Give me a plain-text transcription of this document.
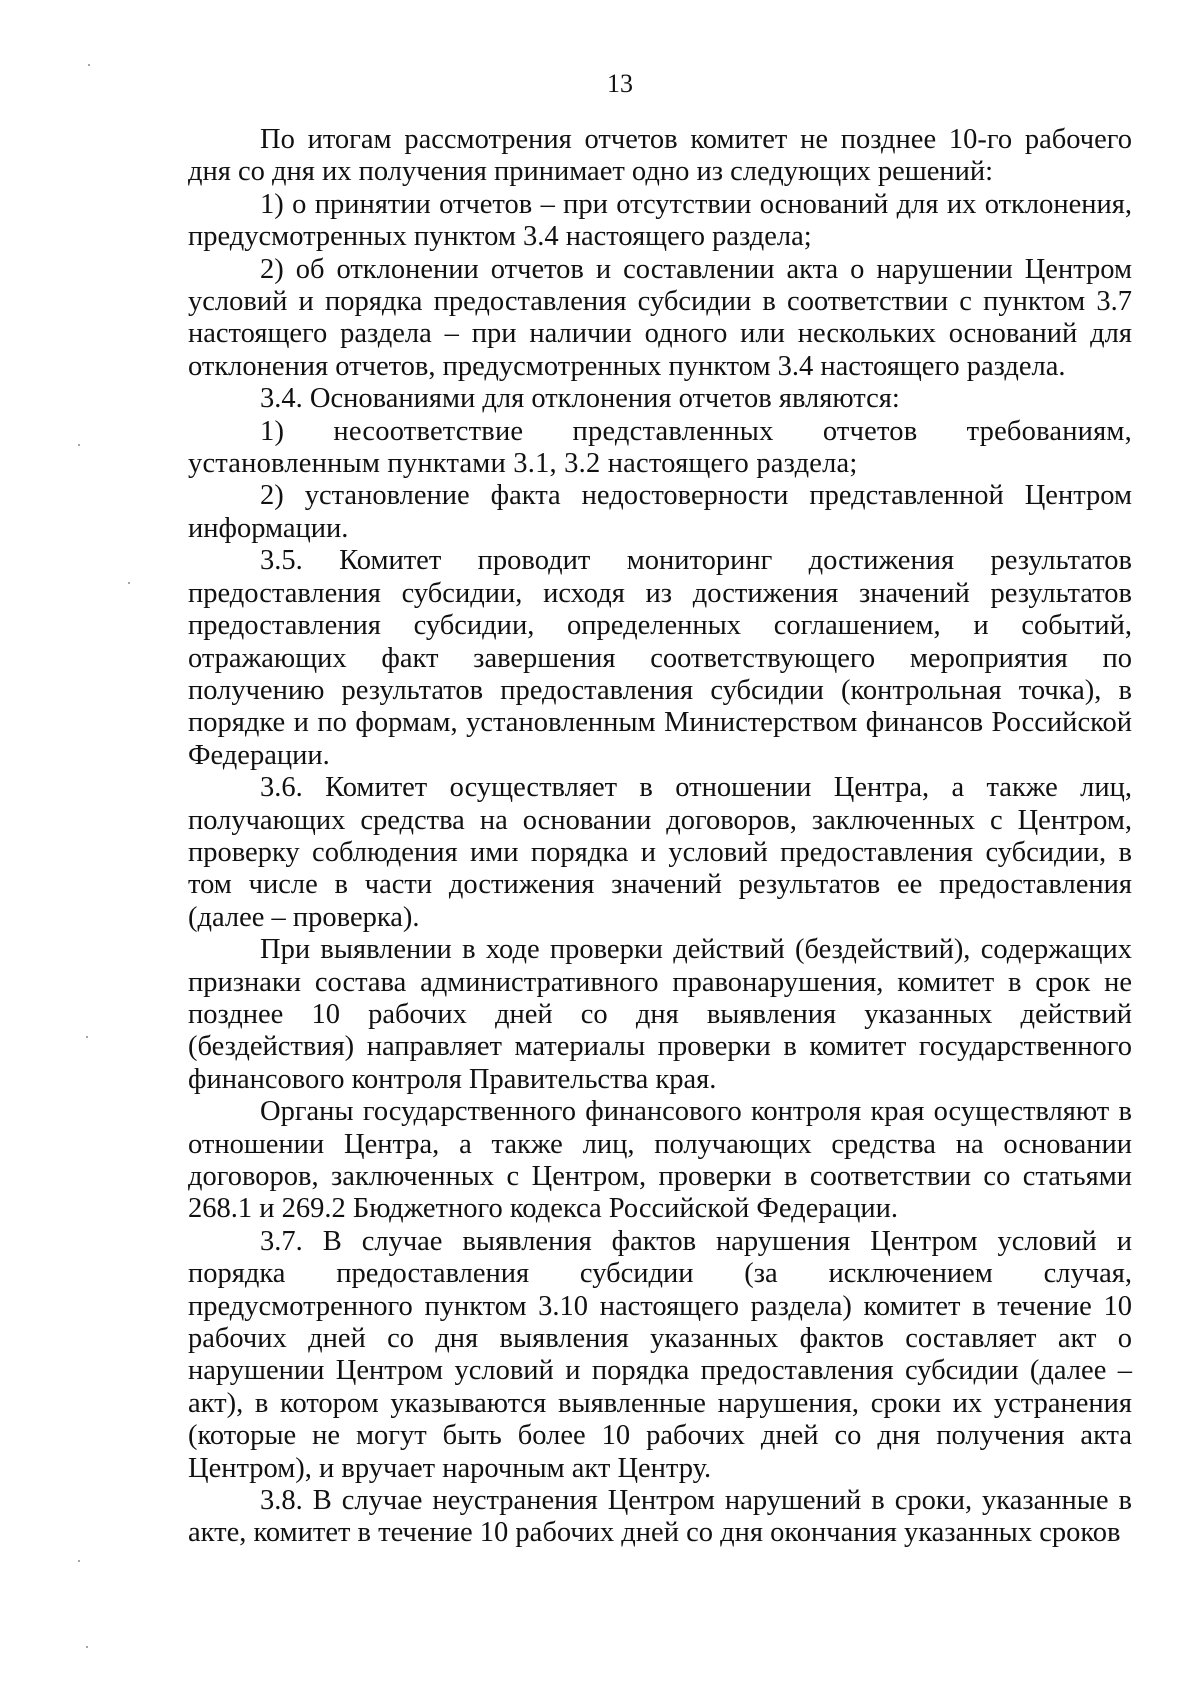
13

По итогам рассмотрения отчетов комитет не позднее 10-го рабочего дня со дня их получения принимает одно из следующих решений:

1) о принятии отчетов – при отсутствии оснований для их отклонения, предусмотренных пунктом 3.4 настоящего раздела;

2) об отклонении отчетов и составлении акта о нарушении Центром условий и порядка предоставления субсидии в соответствии с пунктом 3.7 настоящего раздела – при наличии одного или нескольких оснований для отклонения отчетов, предусмотренных пунктом 3.4 настоящего раздела.

3.4. Основаниями для отклонения отчетов являются:

1) несоответствие представленных отчетов требованиям, установленным пунктами 3.1, 3.2 настоящего раздела;

2) установление факта недостоверности представленной Центром информации.

3.5. Комитет проводит мониторинг достижения результатов предоставления субсидии, исходя из достижения значений результатов предоставления субсидии, определенных соглашением, и событий, отражающих факт завершения соответствующего мероприятия по получению результатов предоставления субсидии (контрольная точка), в порядке и по формам, установленным Министерством финансов Российской Федерации.

3.6. Комитет осуществляет в отношении Центра, а также лиц, получающих средства на основании договоров, заключенных с Центром, проверку соблюдения ими порядка и условий предоставления субсидии, в том числе в части достижения значений результатов ее предоставления (далее – проверка).

При выявлении в ходе проверки действий (бездействий), содержащих признаки состава административного правонарушения, комитет в срок не позднее 10 рабочих дней со дня выявления указанных действий (бездействия) направляет материалы проверки в комитет государственного финансового контроля Правительства края.

Органы государственного финансового контроля края осуществляют в отношении Центра, а также лиц, получающих средства на основании договоров, заключенных с Центром, проверки в соответствии со статьями 268.1 и 269.2 Бюджетного кодекса Российской Федерации.

3.7. В случае выявления фактов нарушения Центром условий и порядка предоставления субсидии (за исключением случая, предусмотренного пунктом 3.10 настоящего раздела) комитет в течение 10 рабочих дней со дня выявления указанных фактов составляет акт о нарушении Центром условий и порядка предоставления субсидии (далее – акт), в котором указываются выявленные нарушения, сроки их устранения (которые не могут быть более 10 рабочих дней со дня получения акта Центром), и вручает нарочным акт Центру.

3.8. В случае неустранения Центром нарушений в сроки, указанные в акте, комитет в течение 10 рабочих дней со дня окончания указанных сроков
